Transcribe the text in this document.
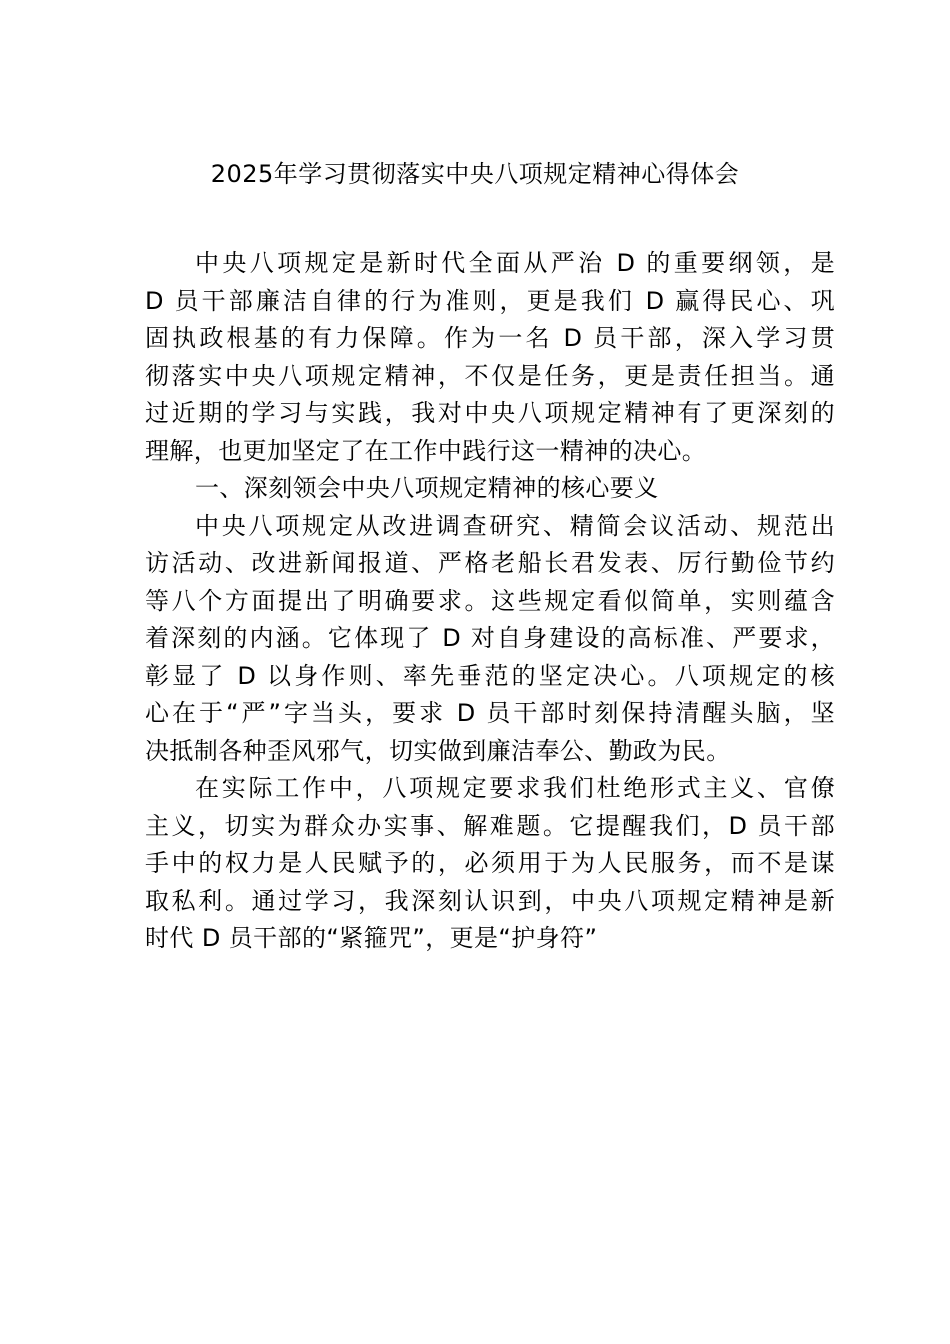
2025年学习贯彻落实中央八项规定精神心得体会
中央八项规定是新时代全面从严治 D 的重要纲领，是
D 员干部廉洁自律的行为准则，更是我们 D 赢得民心、巩
固执政根基的有力保障。作为一名 D 员干部，深入学习贯
彻落实中央八项规定精神，不仅是任务，更是责任担当。通
过近期的学习与实践，我对中央八项规定精神有了更深刻的
理解，也更加坚定了在工作中践行这一精神的决心。
一、深刻领会中央八项规定精神的核心要义
中央八项规定从改进调查研究、精简会议活动、规范出
访活动、改进新闻报道、严格老船长君发表、厉行勤俭节约
等八个方面提出了明确要求。这些规定看似简单，实则蕴含
着深刻的内涵。它体现了 D 对自身建设的高标准、严要求，
彰显了 D 以身作则、率先垂范的坚定决心。八项规定的核
心在于“严”字当头，要求 D 员干部时刻保持清醒头脑，坚
决抵制各种歪风邪气，切实做到廉洁奉公、勤政为民。
在实际工作中，八项规定要求我们杜绝形式主义、官僚
主义，切实为群众办实事、解难题。它提醒我们，D 员干部
手中的权力是人民赋予的，必须用于为人民服务，而不是谋
取私利。通过学习，我深刻认识到，中央八项规定精神是新
时代 D 员干部的“紧箍咒”，更是“护身符”
